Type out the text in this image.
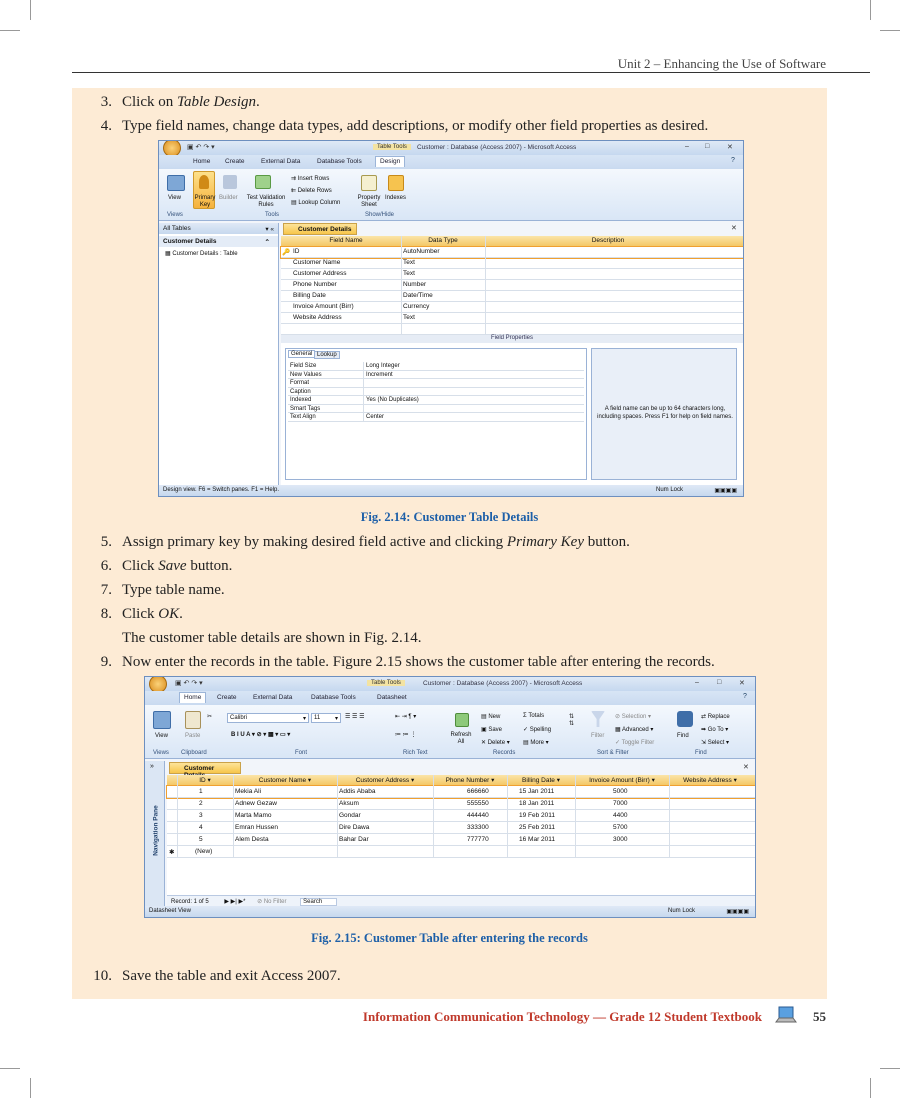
Unit 2 – Enhancing the Use of Software
3. Click on Table Design.
4. Type field names, change data types, add descriptions, or modify other field properties as desired.
▣ ↶ ↷ ▾	Table Tools	Customer : Database (Access 2007) - Microsoft Access	– □	✕
Home Create	External Data	Database Tools	Design	?
View Primary Key
Builder	Test Validation Rules
⇉ Insert Rows
⇇ Delete Rows
▤ Lookup Column
Property Sheet
Indexes
Views	Tools	Show/Hide
All Tables	▾ «
Customer Details	⌃
▦ Customer Details : Table
Customer Details	✕
Field Name	Data Type	Description
🔑 ID	AutoNumber
Customer Name	Text
Customer Address	Text
Phone Number	Number
Billing Date	Date/Time
Invoice Amount (Birr)	Currency
Website Address	Text
Field Properties
General Lookup
Field Size	Long Integer
New Values	Increment
Format
Caption
Indexed	Yes (No Duplicates)
Smart Tags
Text Align	Center
A field name can be up to 64 characters long, including spaces. Press F1 for help on field names.
Design view. F6 = Switch panes. F1 = Help.	Num Lock	▣▣▣▣
Fig. 2.14: Customer Table Details
5. Assign primary key by making desired field active and clicking Primary Key button.
6. Click Save button.
7. Type table name.
8. Click OK.
The customer table details are shown in Fig. 2.14.
9. Now enter the records in the table. Figure 2.15 shows the customer table after entering the records.
▣ ↶ ↷ ▾	Table Tools	Customer : Database (Access 2007) - Microsoft Access	–	□	✕
Home	Create	External Data	Database Tools	Datasheet	?
View	Paste
✂	Calibri	▾	11 ▾ ☰ ☰ ☰
B I U A ▾ ⊘ ▾ ▦ ▾ ▭ ▾
⇤ ⇥ ¶ ▾
≔ ≔ ⋮	Refresh All
▤ New
▣ Save
✕ Delete ▾
Σ Totals
✓ Spelling
▤ More ▾
⇅
⇅
Filter
⊘ Selection ▾
▦ Advanced ▾
✓ Toggle Filter
Find
⇄ Replace
➡ Go To ▾
⇲ Select ▾
Views Clipboard	Font	Rich Text	Records	Sort & Filter	Find
»
Navigation Pane
Customer	✕
ID ▾	Customer Name ▾	Customer Address ▾	Phone Number ▾	Billing Date ▾	Invoice Amount (Birr) ▾	Website Address ▾
1	Mekia Ali	Addis Ababa	666660	15 Jan 2011	5000
2	Adnew Gezaw	Aksum	555550	18 Jan 2011	7000
3	Marta Mamo	Gondar	444440	19 Feb 2011	4400
4	Emran Hussen	Dire Dawa	333300	25 Feb 2011	5700
5	Alem Desta	Bahar Dar	777770	16 Mar 2011	3000
✱	(New)
Record: 1 of 5	▶ ▶| ▶* ⊘ No Filter	Search
Datasheet View	Num Lock	▣▣▣▣
Fig. 2.15: Customer Table after entering the records
10. Save the table and exit Access 2007.
Information Communication Technology — Grade 12 Student Textbook	55
